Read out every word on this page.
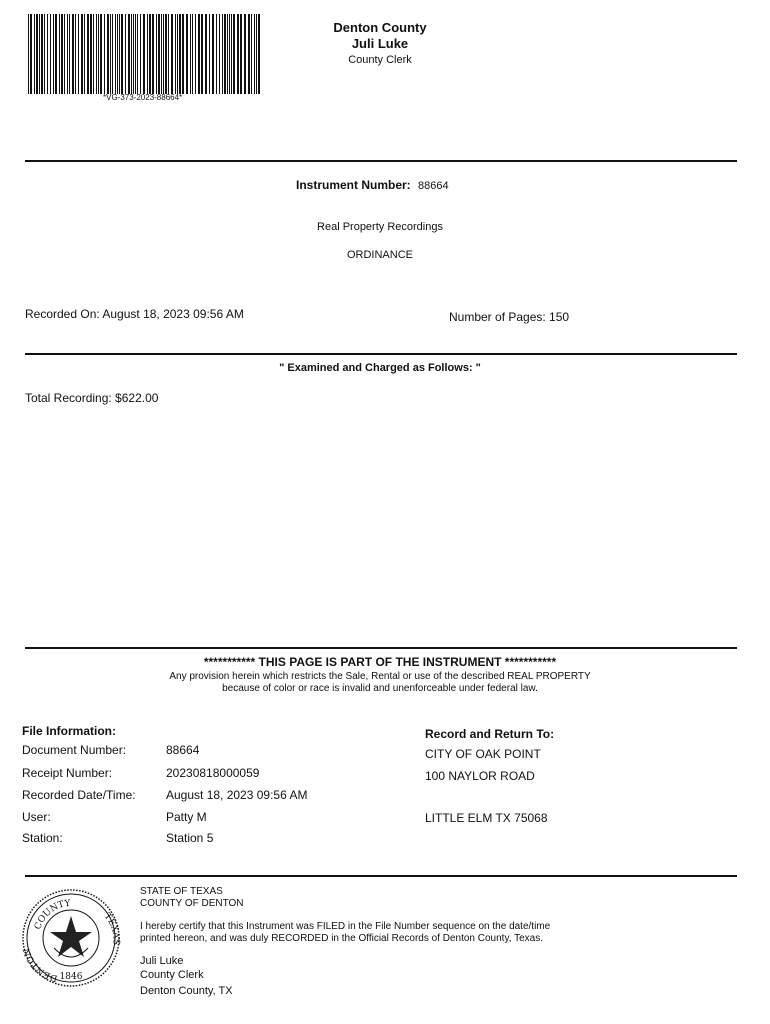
*VG-373-2023-88664*
Denton County
Juli Luke
County Clerk
Instrument Number: 88664
Real Property Recordings
ORDINANCE
Recorded On: August 18, 2023 09:56 AM	Number of Pages: 150
" Examined and Charged as Follows: "
Total Recording: $622.00
*********** THIS PAGE IS PART OF THE INSTRUMENT ***********
Any provision herein which restricts the Sale, Rental or use of the described REAL PROPERTY
because of color or race is invalid and unenforceable under federal law.
File Information:
Document Number:	88664
Receipt Number:	20230818000059
Recorded Date/Time:	August 18, 2023 09:56 AM
User:	Patty M
Station:	Station 5
Record and Return To:
CITY OF OAK POINT
100 NAYLOR ROAD
LITTLE ELM TX 75068
COUNTY
DENTON
TEXAS
1846
STATE OF TEXAS
COUNTY OF DENTON
I hereby certify that this Instrument was FILED in the File Number sequence on the date/time
printed hereon, and was duly RECORDED in the Official Records of Denton County, Texas.
Juli Luke
County Clerk
Denton County, TX
